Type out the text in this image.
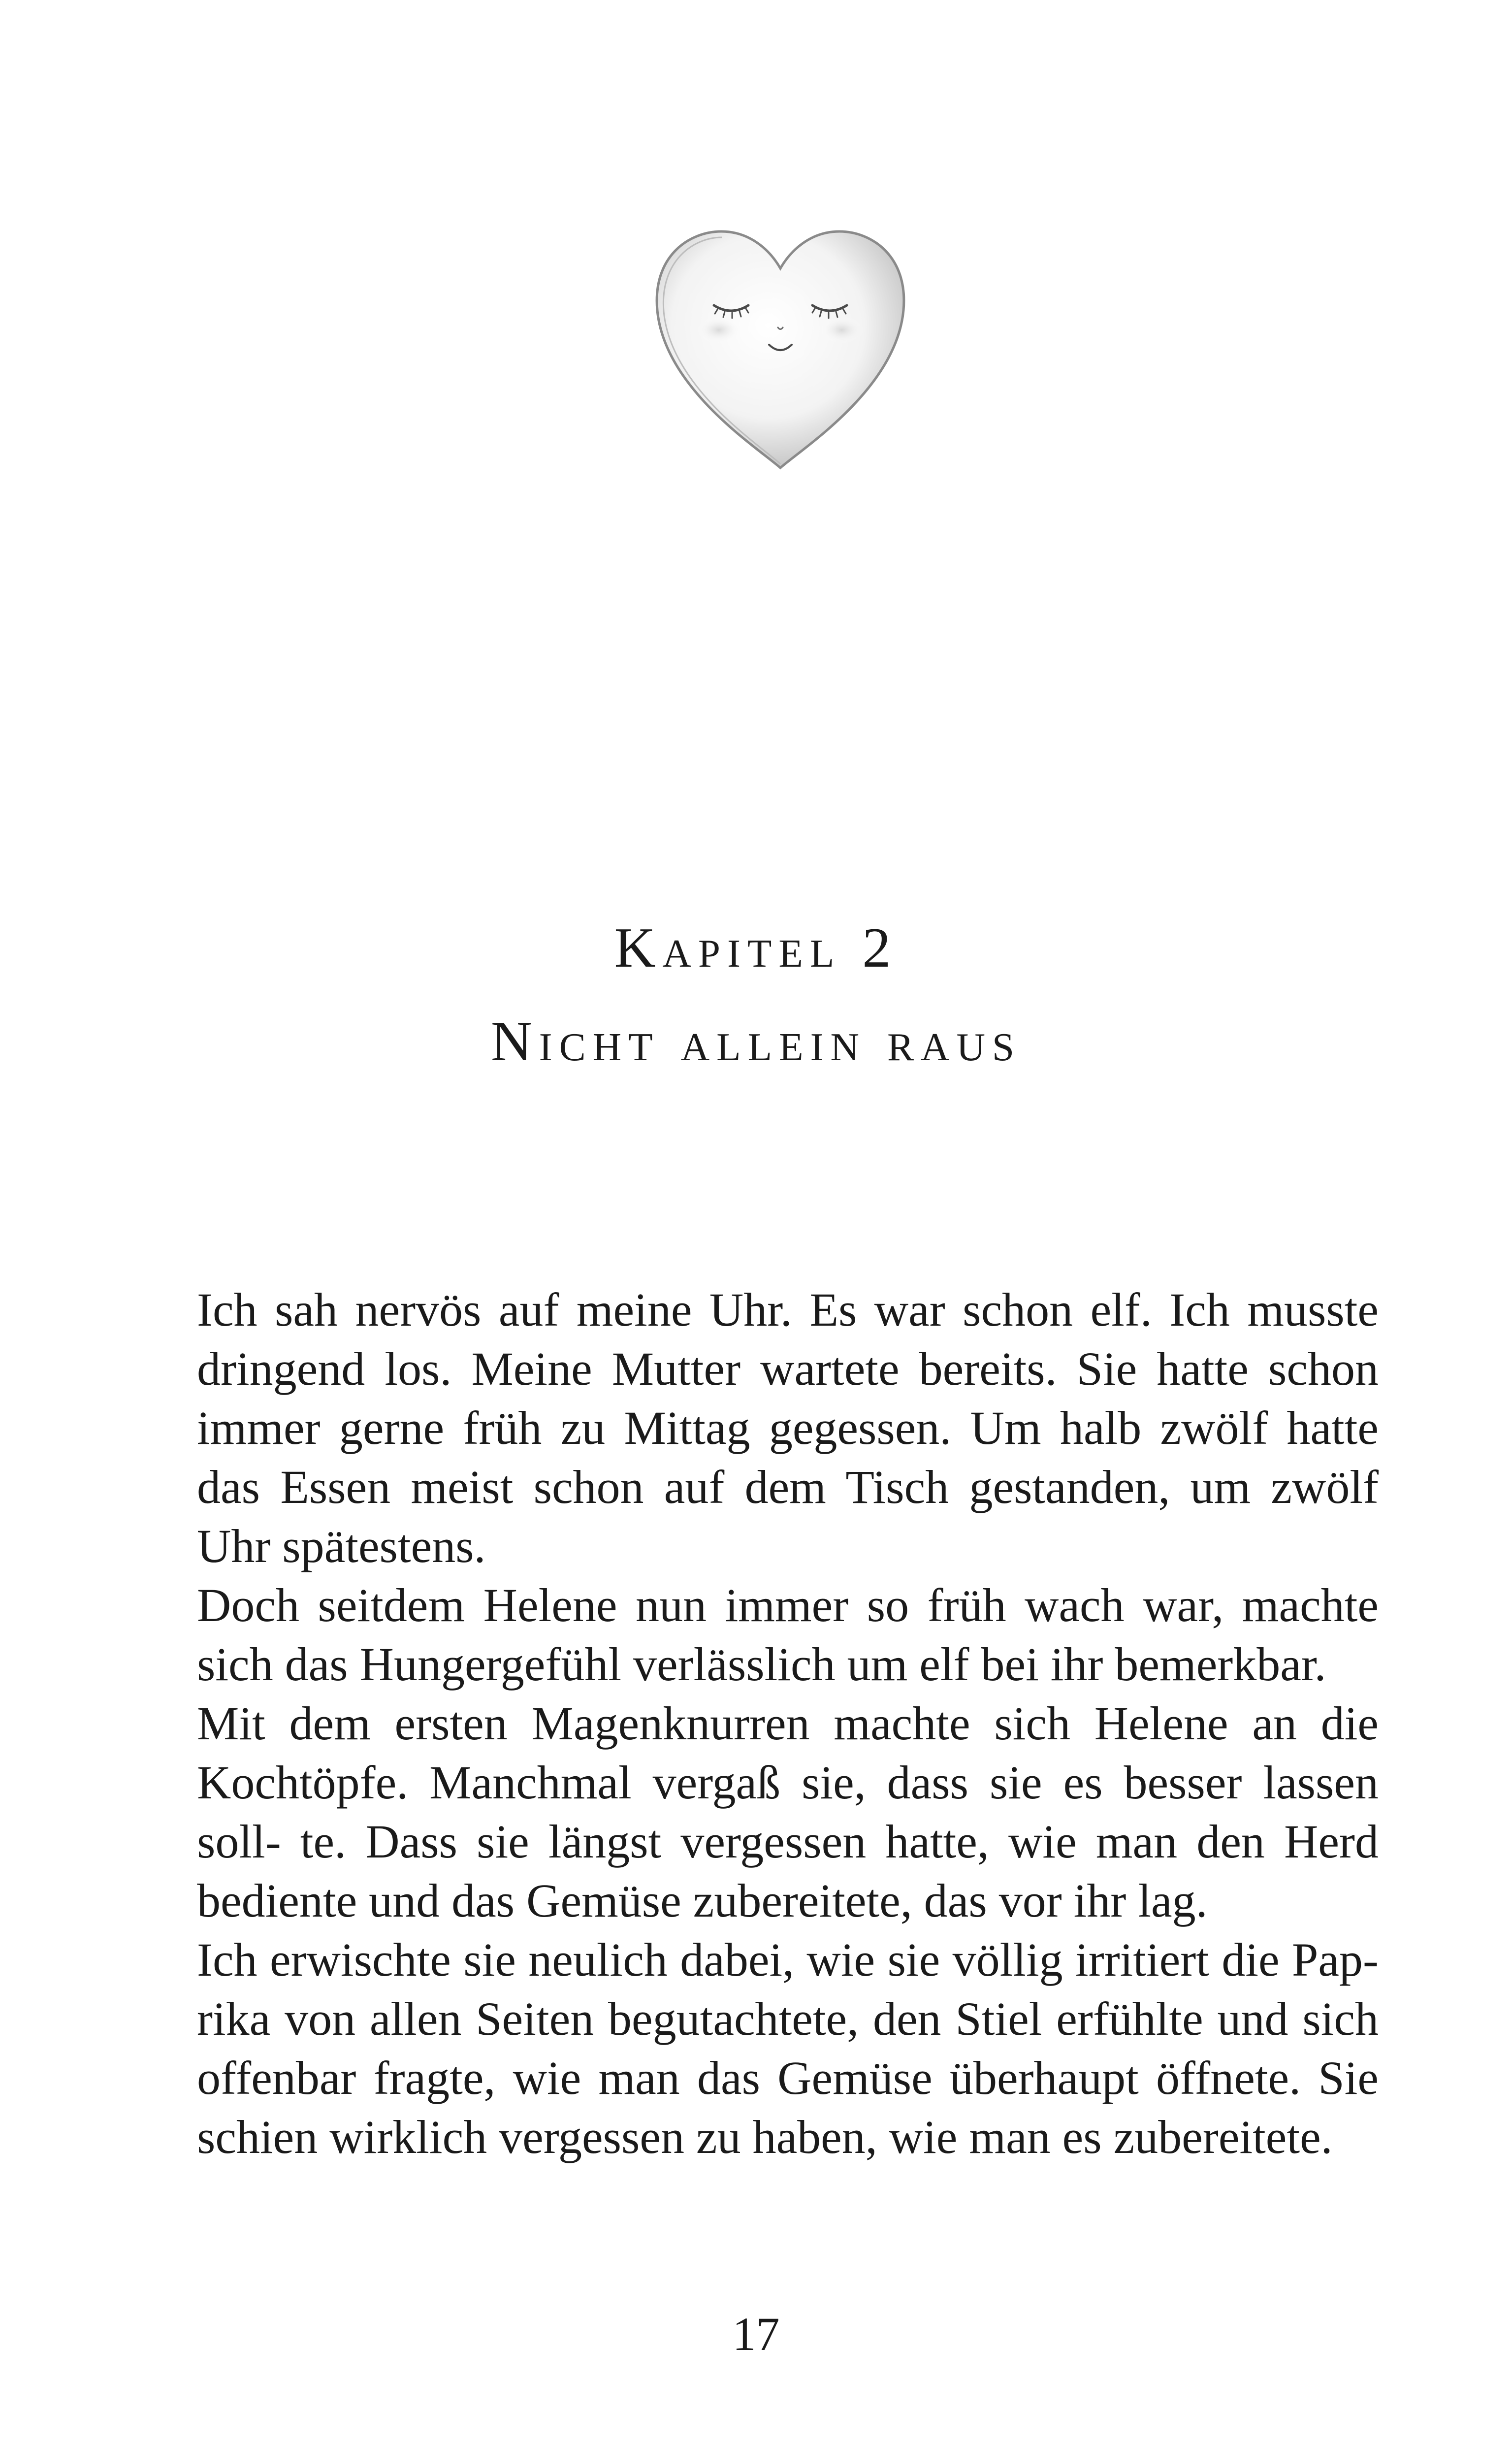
Kapitel 2
Nicht allein raus

Ich sah nervös auf meine Uhr. Es war schon elf. Ich musste dringend los. Meine Mutter wartete bereits. Sie hatte schon immer gerne früh zu Mittag gegessen. Um halb zwölf hatte das Essen meist schon auf dem Tisch gestanden, um zwölf Uhr spätestens.

Doch seitdem Helene nun immer so früh wach war, machte sich das Hungergefühl verlässlich um elf bei ihr bemerkbar.

Mit dem ersten Magenknurren machte sich Helene an die Kochtöpfe. Manchmal vergaß sie, dass sie es besser lassen soll- te. Dass sie längst vergessen hatte, wie man den Herd bediente und das Gemüse zubereitete, das vor ihr lag.

Ich erwischte sie neulich dabei, wie sie völlig irritiert die Pap- rika von allen Seiten begutachtete, den Stiel erfühlte und sich offenbar fragte, wie man das Gemüse überhaupt öffnete. Sie schien wirklich vergessen zu haben, wie man es zubereitete.

17
